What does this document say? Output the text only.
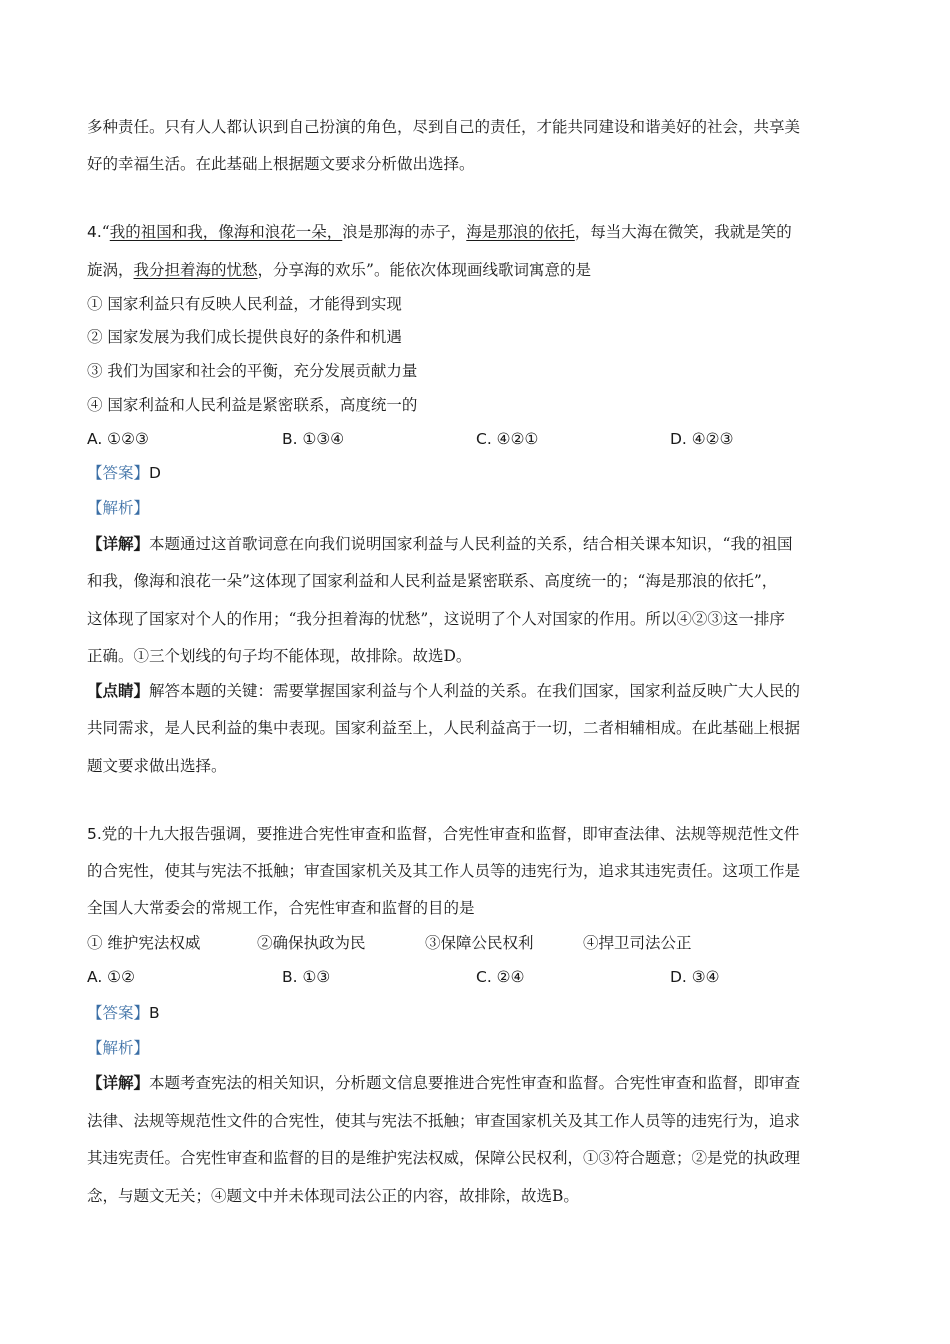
多种责任。只有人人都认识到自己扮演的角色，尽到自己的责任，才能共同建设和谐美好的社会，共享美
好的幸福生活。在此基础上根据题文要求分析做出选择。
4.“我的祖国和我，像海和浪花一朵，浪是那海的赤子，海是那浪的依托，每当大海在微笑，我就是笑的
旋涡，我分担着海的忧愁，分享海的欢乐”。能依次体现画线歌词寓意的是
① 国家利益只有反映人民利益，才能得到实现
② 国家发展为我们成长提供良好的条件和机遇
③ 我们为国家和社会的平衡，充分发展贡献力量
④ 国家利益和人民利益是紧密联系，高度统一的
A. ①②③	B. ①③④	C. ④②①	D. ④②③
【答案】D
【解析】
【详解】本题通过这首歌词意在向我们说明国家利益与人民利益的关系，结合相关课本知识，“我的祖国
和我，像海和浪花一朵”这体现了国家利益和人民利益是紧密联系、高度统一的；“海是那浪的依托”，
这体现了国家对个人的作用；“我分担着海的忧愁”，这说明了个人对国家的作用。所以④②③这一排序
正确。①三个划线的句子均不能体现，故排除。故选D。
【点睛】解答本题的关键：需要掌握国家利益与个人利益的关系。在我们国家，国家利益反映广大人民的
共同需求，是人民利益的集中表现。国家利益至上，人民利益高于一切，二者相辅相成。在此基础上根据
题文要求做出选择。
5.党的十九大报告强调，要推进合宪性审查和监督，合宪性审查和监督，即审查法律、法规等规范性文件
的合宪性，使其与宪法不抵触；审查国家机关及其工作人员等的违宪行为，追求其违宪责任。这项工作是
全国人大常委会的常规工作，合宪性审查和监督的目的是
① 维护宪法权威	②确保执政为民	③保障公民权利	④捍卫司法公正
A. ①②	B. ①③	C. ②④	D. ③④
【答案】B
【解析】
【详解】本题考查宪法的相关知识，分析题文信息要推进合宪性审查和监督。合宪性审查和监督，即审查
法律、法规等规范性文件的合宪性，使其与宪法不抵触；审查国家机关及其工作人员等的违宪行为，追求
其违宪责任。合宪性审查和监督的目的是维护宪法权威，保障公民权利，①③符合题意；②是党的执政理
念，与题文无关；④题文中并未体现司法公正的内容，故排除，故选B。
